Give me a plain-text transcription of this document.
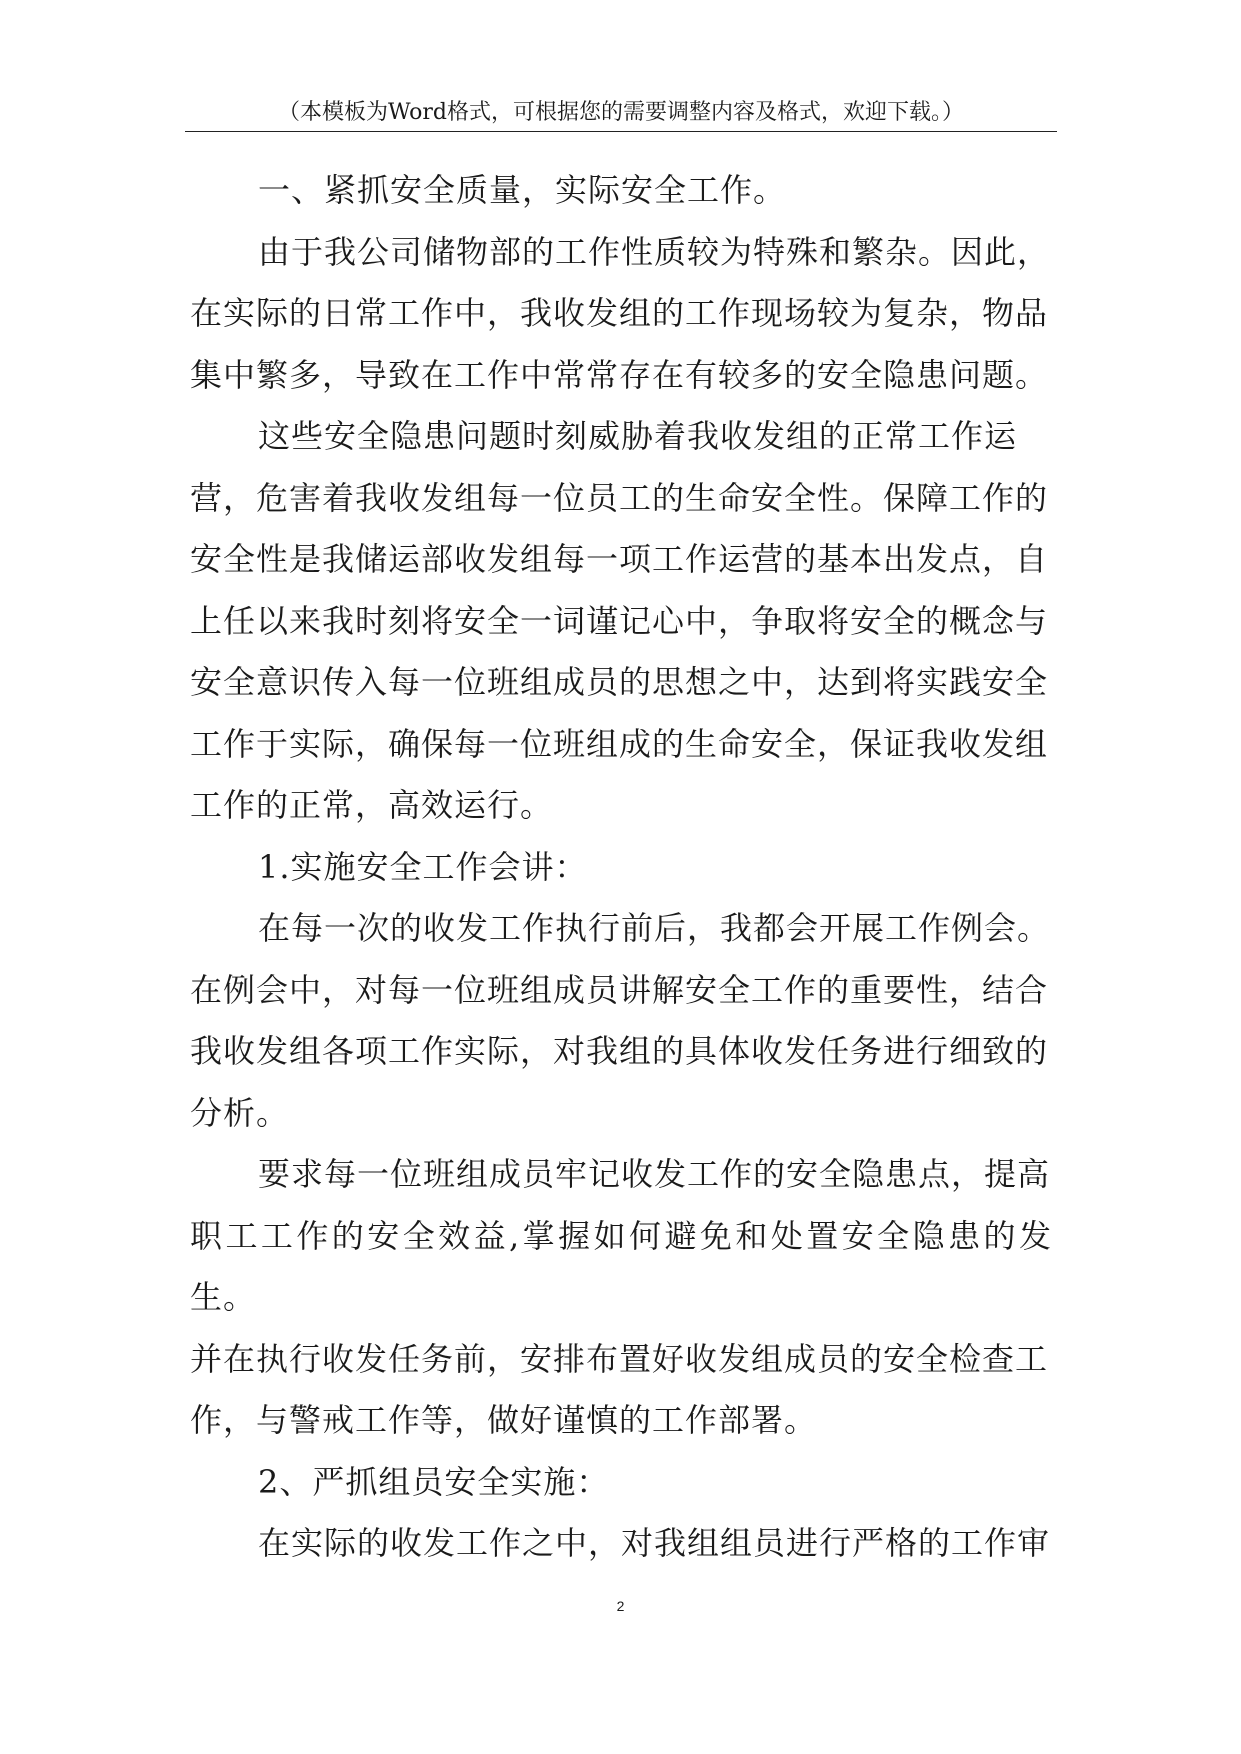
（本模板为Word格式，可根据您的需要调整内容及格式，欢迎下载。）

一、紧抓安全质量，实际安全工作。

由于我公司储物部的工作性质较为特殊和繁杂。因此，
在实际的日常工作中，我收发组的工作现场较为复杂，物品
集中繁多，导致在工作中常常存在有较多的安全隐患问题。

这些安全隐患问题时刻威胁着我收发组的正常工作运
营，危害着我收发组每一位员工的生命安全性。保障工作的
安全性是我储运部收发组每一项工作运营的基本出发点，自
上任以来我时刻将安全一词谨记心中，争取将安全的概念与
安全意识传入每一位班组成员的思想之中，达到将实践安全
工作于实际，确保每一位班组成的生命安全，保证我收发组
工作的正常，高效运行。

1.实施安全工作会讲：

在每一次的收发工作执行前后，我都会开展工作例会。
在例会中，对每一位班组成员讲解安全工作的重要性，结合
我收发组各项工作实际，对我组的具体收发任务进行细致的
分析。

要求每一位班组成员牢记收发工作的安全隐患点，提高
职工工作的安全效益,掌握如何避免和处置安全隐患的发生。
并在执行收发任务前，安排布置好收发组成员的安全检查工
作，与警戒工作等，做好谨慎的工作部署。

2、严抓组员安全实施：

在实际的收发工作之中，对我组组员进行严格的工作审

2
